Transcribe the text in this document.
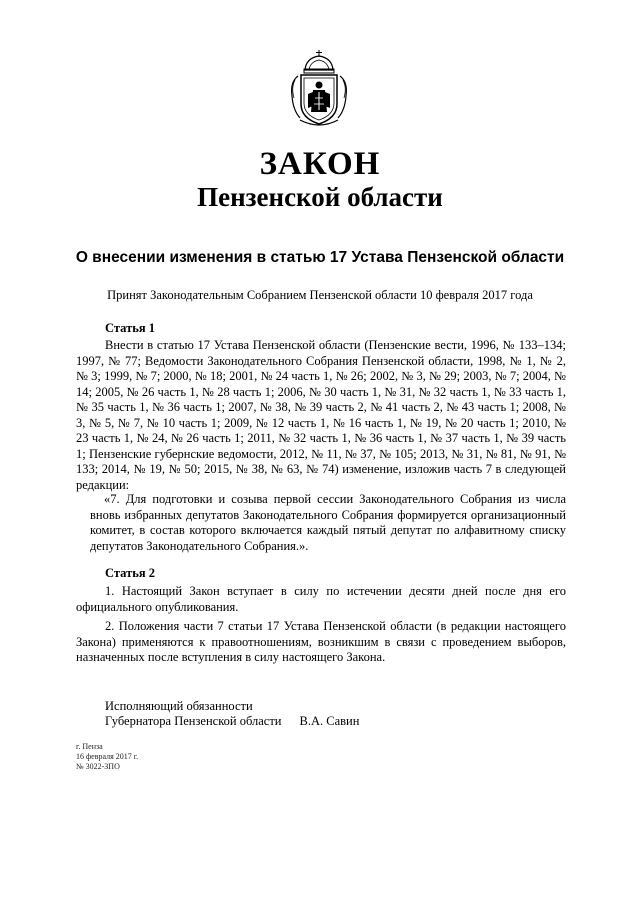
ЗАКОН
Пензенской области
О внесении изменения в статью 17 Устава Пензенской области
Принят Законодательным Собранием Пензенской области 10 февраля 2017 года
Статья 1

Внести в статью 17 Устава Пензенской области (Пензенские вести, 1996, № 133–134; 1997, № 77; Ведомости Законодательного Собрания Пензенской области, 1998, № 1, № 2, № 3; 1999, № 7; 2000, № 18; 2001, № 24 часть 1, № 26; 2002, № 3, № 29; 2003, № 7; 2004, № 14; 2005, № 26 часть 1, № 28 часть 1; 2006, № 30 часть 1, № 31, № 32 часть 1, № 33 часть 1, № 35 часть 1, № 36 часть 1; 2007, № 38, № 39 часть 2, № 41 часть 2, № 43 часть 1; 2008, № 3, № 5, № 7, № 10 часть 1; 2009, № 12 часть 1, № 16 часть 1, № 19, № 20 часть 1; 2010, № 23 часть 1, № 24, № 26 часть 1; 2011, № 32 часть 1, № 36 часть 1, № 37 часть 1, № 39 часть 1; Пензенские губернские ведомости, 2012, № 11, № 37, № 105; 2013, № 31, № 81, № 91, № 133; 2014, № 19, № 50; 2015, № 38, № 63, № 74) изменение, изложив часть 7 в следующей редакции:

«7. Для подготовки и созыва первой сессии Законодательного Собрания из числа вновь избранных депутатов Законодательного Собрания формируется организационный комитет, в состав которого включается каждый пятый депутат по алфавитному списку депутатов Законодательного Собрания.».

Статья 2

1. Настоящий Закон вступает в силу по истечении десяти дней после дня его официального опубликования.

2. Положения части 7 статьи 17 Устава Пензенской области (в редакции настоящего Закона) применяются к правоотношениям, возникшим в связи с проведением выборов, назначенных после вступления в силу настоящего Закона.

Исполняющий обязанности
Губернатора Пензенской области В.А. Савин
г. Пенза
16 февраля 2017 г.
№ 3022-ЗПО
